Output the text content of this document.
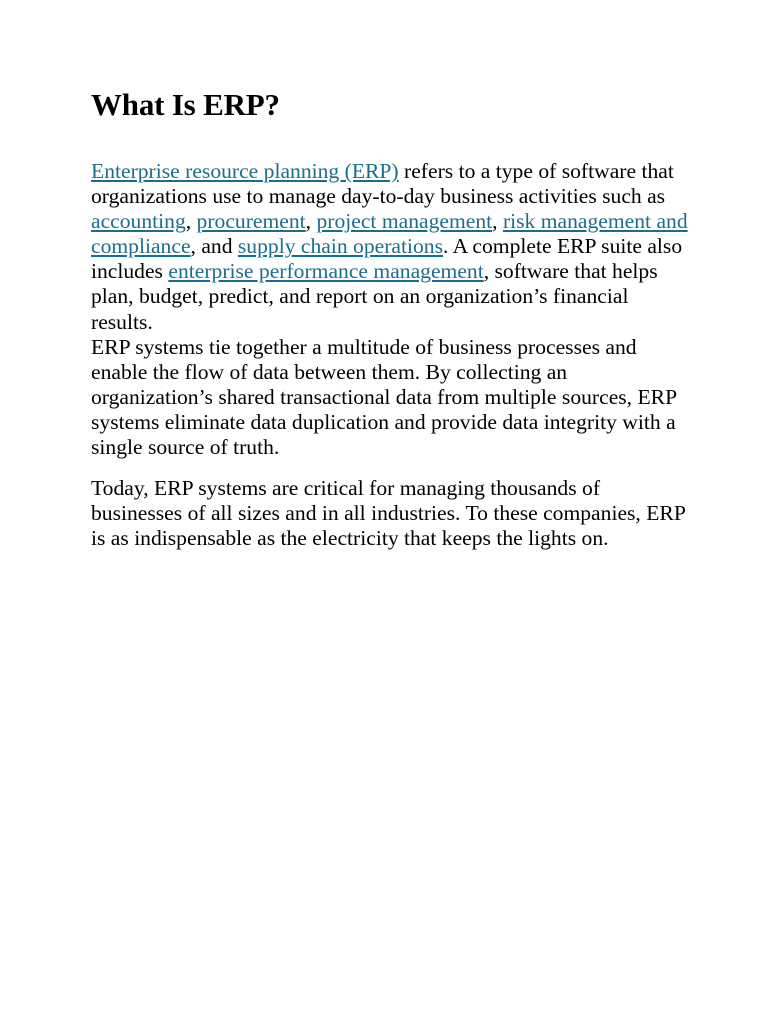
What Is ERP?

Enterprise resource planning (ERP) refers to a type of software that organizations use to manage day-to-day business activities such as accounting, procurement, project management, risk management and compliance, and supply chain operations. A complete ERP suite also includes enterprise performance management, software that helps plan, budget, predict, and report on an organization’s financial results.

ERP systems tie together a multitude of business processes and enable the flow of data between them. By collecting an organization’s shared transactional data from multiple sources, ERP systems eliminate data duplication and provide data integrity with a single source of truth.

Today, ERP systems are critical for managing thousands of businesses of all sizes and in all industries. To these companies, ERP is as indispensable as the electricity that keeps the lights on.
